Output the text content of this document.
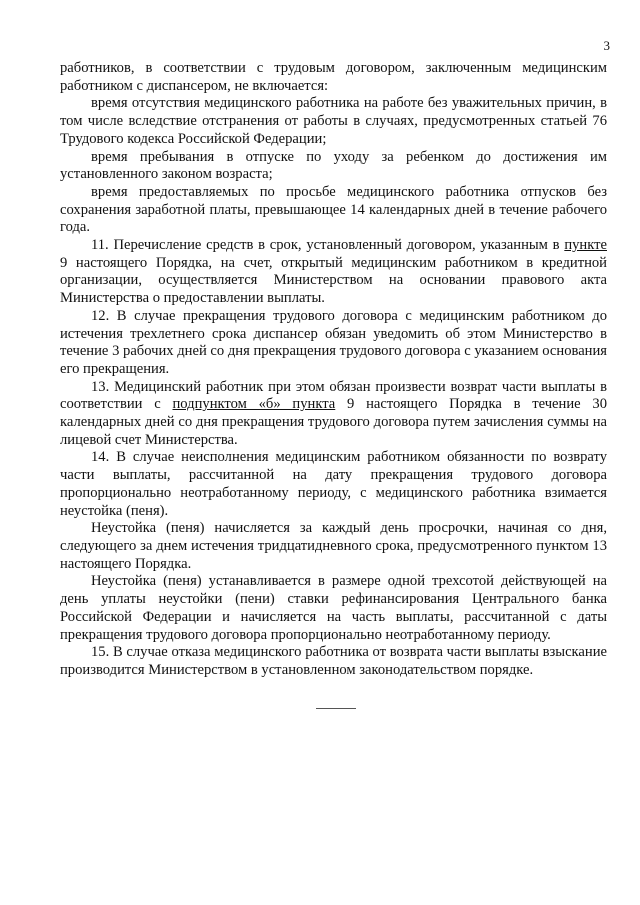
3

работников, в соответствии с трудовым договором, заключенным медицинским работником с диспансером, не включается:

время отсутствия медицинского работника на работе без уважительных причин, в том числе вследствие отстранения от работы в случаях, предусмотренных статьей 76 Трудового кодекса Российской Федерации;

время пребывания в отпуске по уходу за ребенком до достижения им установленного законом возраста;

время предоставляемых по просьбе медицинского работника отпусков без сохранения заработной платы, превышающее 14 календарных дней в течение рабочего года.

11. Перечисление средств в срок, установленный договором, указанным в пункте 9 настоящего Порядка, на счет, открытый медицинским работником в кредитной организации, осуществляется Министерством на основании правового акта Министерства о предоставлении выплаты.

12. В случае прекращения трудового договора с медицинским работником до истечения трехлетнего срока диспансер обязан уведомить об этом Министерство в течение 3 рабочих дней со дня прекращения трудового договора с указанием основания его прекращения.

13. Медицинский работник при этом обязан произвести возврат части выплаты в соответствии с подпунктом «б» пункта 9 настоящего Порядка в течение 30 календарных дней со дня прекращения трудового договора путем зачисления суммы на лицевой счет Министерства.

14. В случае неисполнения медицинским работником обязанности по возврату части выплаты, рассчитанной на дату прекращения трудового договора пропорционально неотработанному периоду, с медицинского работника взимается неустойка (пеня).

Неустойка (пеня) начисляется за каждый день просрочки, начиная со дня, следующего за днем истечения тридцатидневного срока, предусмотренного пунктом 13 настоящего Порядка.

Неустойка (пеня) устанавливается в размере одной трехсотой действующей на день уплаты неустойки (пени) ставки рефинансирования Центрального банка Российской Федерации и начисляется на часть выплаты, рассчитанной с даты прекращения трудового договора пропорционально неотработанному периоду.

15. В случае отказа медицинского работника от возврата части выплаты взыскание производится Министерством в установленном законодательством порядке.
